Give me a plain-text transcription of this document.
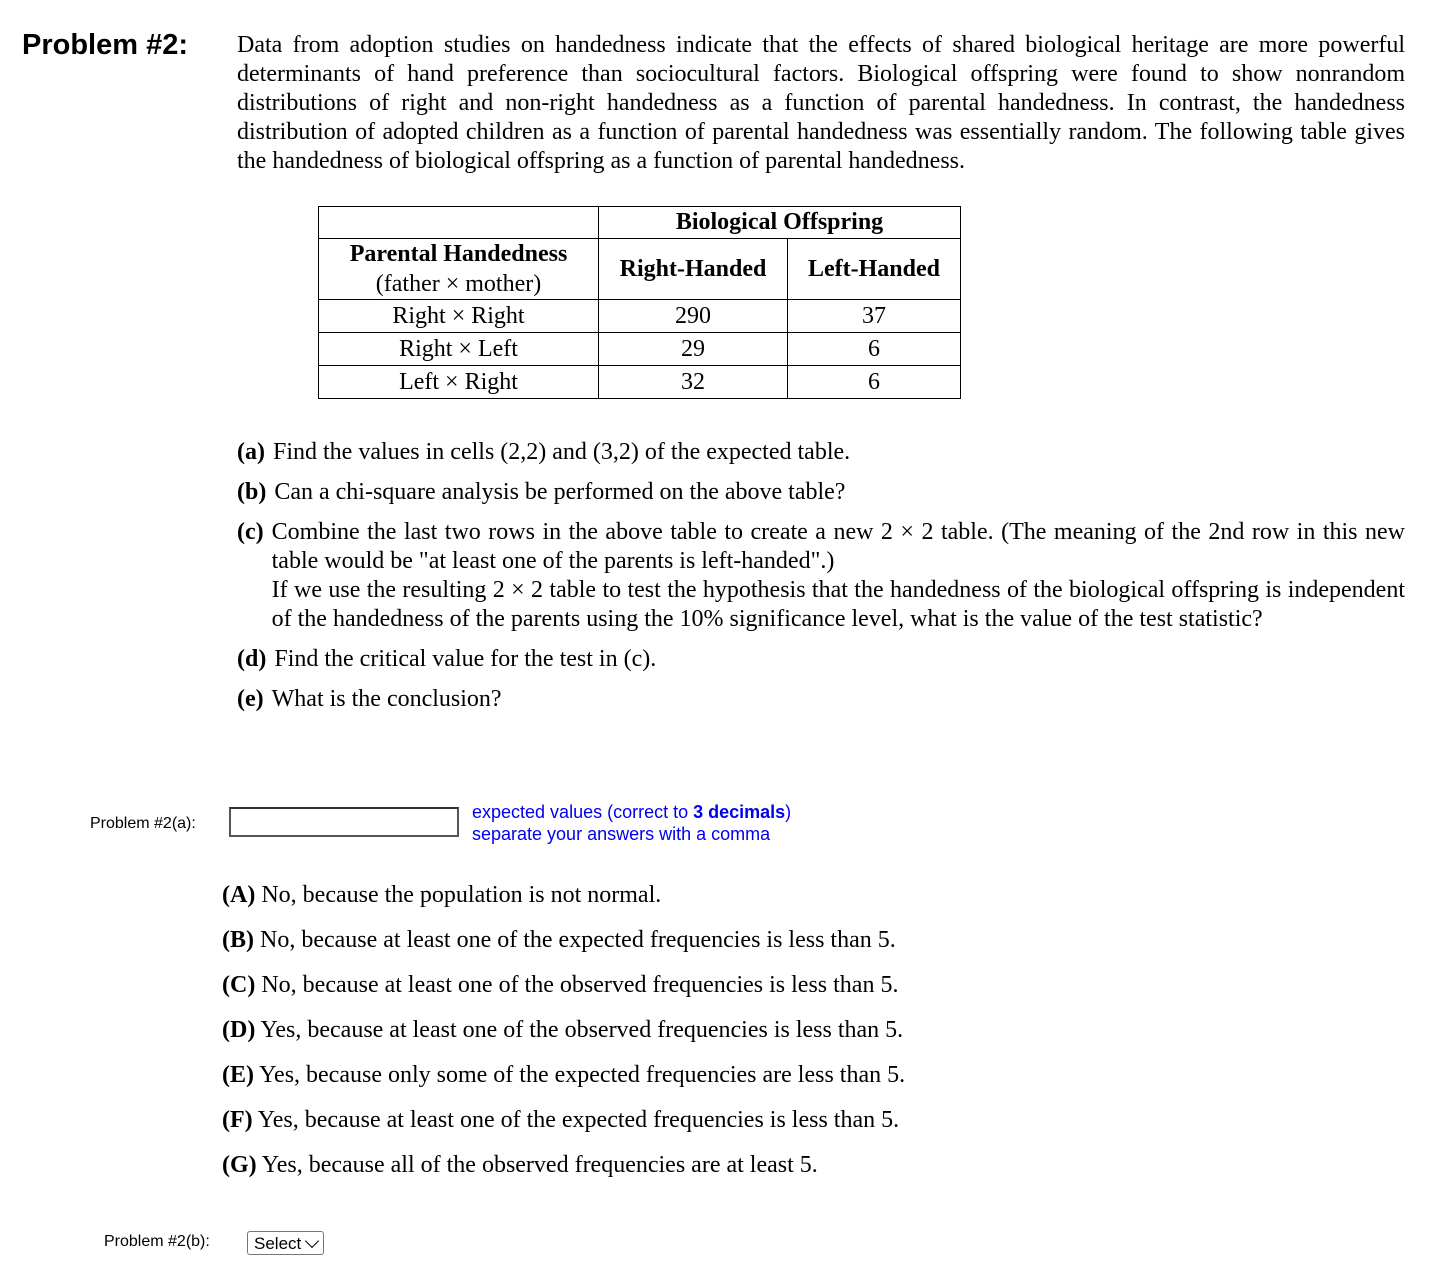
Problem #2: Data from adoption studies on handedness indicate that the effects of shared biological heritage are more powerful determinants of hand preference than sociocultural factors. Biological offspring were found to show nonrandom distributions of right and non-right handedness as a function of parental handedness. In contrast, the handedness distribution of adopted children as a function of parental handedness was essentially random. The following table gives the handedness of biological offspring as a function of parental handedness.
	Biological Offspring	

Parental Handedness
(father × mother)	Right-Handed	Left-Handed
Right × Right	290	37
Right × Left	29	6
Left × Right	32	6
(a) Find the values in cells (2,2) and (3,2) of the expected table.
(b) Can a chi-square analysis be performed on the above table?
(c) Combine the last two rows in the above table to create a new 2 × 2 table. (The meaning of the 2nd row in this new table would be "at least one of the parents is left-handed".)

If we use the resulting 2 × 2 table to test the hypothesis that the handedness of the biological offspring is independent of the handedness of the parents using the 10% significance level, what is the value of the test statistic?

(d) Find the critical value for the test in (c).
(e) What is the conclusion?
Problem #2(a):
expected values (correct to 3 decimals)
separate your answers with a comma
(A) No, because the population is not normal.
(B) No, because at least one of the expected frequencies is less than 5.
(C) No, because at least one of the observed frequencies is less than 5.
(D) Yes, because at least one of the observed frequencies is less than 5.
(E) Yes, because only some of the expected frequencies are less than 5.
(F) Yes, because at least one of the expected frequencies is less than 5.
(G) Yes, because all of the observed frequencies are at least 5.
Problem #2(b):	Select
